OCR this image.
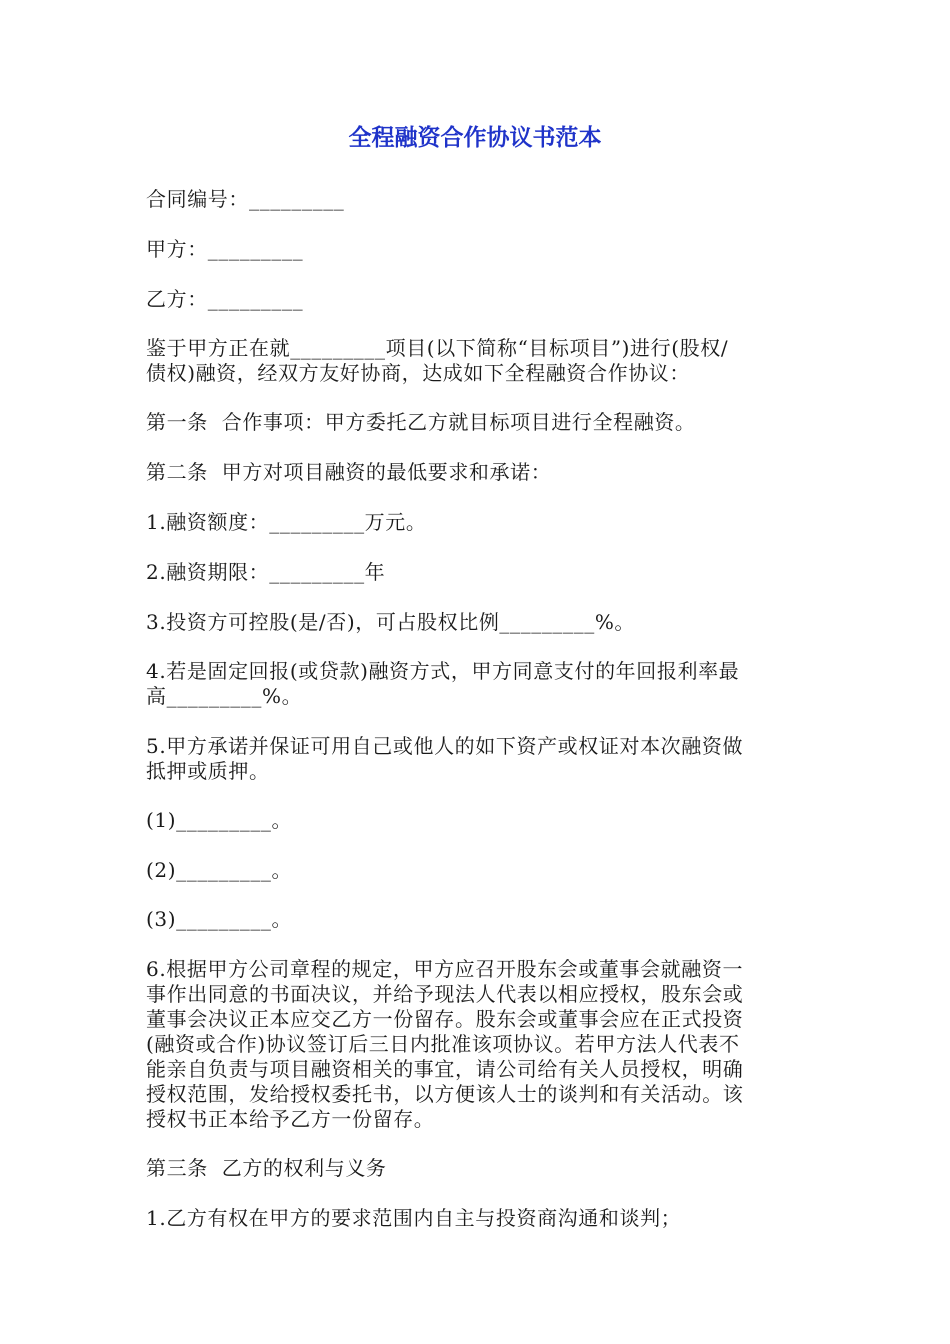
全程融资合作协议书范本
合同编号：_________
甲方：_________
乙方：_________
鉴于甲方正在就_________项目(以下简称“目标项目”)进行(股权/
债权)融资，经双方友好协商，达成如下全程融资合作协议：
第一条  合作事项：甲方委托乙方就目标项目进行全程融资。
第二条  甲方对项目融资的最低要求和承诺：
1.融资额度：_________万元。
2.融资期限：_________年
3.投资方可控股(是/否)，可占股权比例_________%。
4.若是固定回报(或贷款)融资方式，甲方同意支付的年回报利率最
高_________%。
5.甲方承诺并保证可用自己或他人的如下资产或权证对本次融资做
抵押或质押。
(1)_________。
(2)_________。
(3)_________。
6.根据甲方公司章程的规定，甲方应召开股东会或董事会就融资一
事作出同意的书面决议，并给予现法人代表以相应授权，股东会或
董事会决议正本应交乙方一份留存。股东会或董事会应在正式投资
(融资或合作)协议签订后三日内批准该项协议。若甲方法人代表不
能亲自负责与项目融资相关的事宜，请公司给有关人员授权，明确
授权范围，发给授权委托书，以方便该人士的谈判和有关活动。该
授权书正本给予乙方一份留存。
第三条  乙方的权利与义务
1.乙方有权在甲方的要求范围内自主与投资商沟通和谈判；
